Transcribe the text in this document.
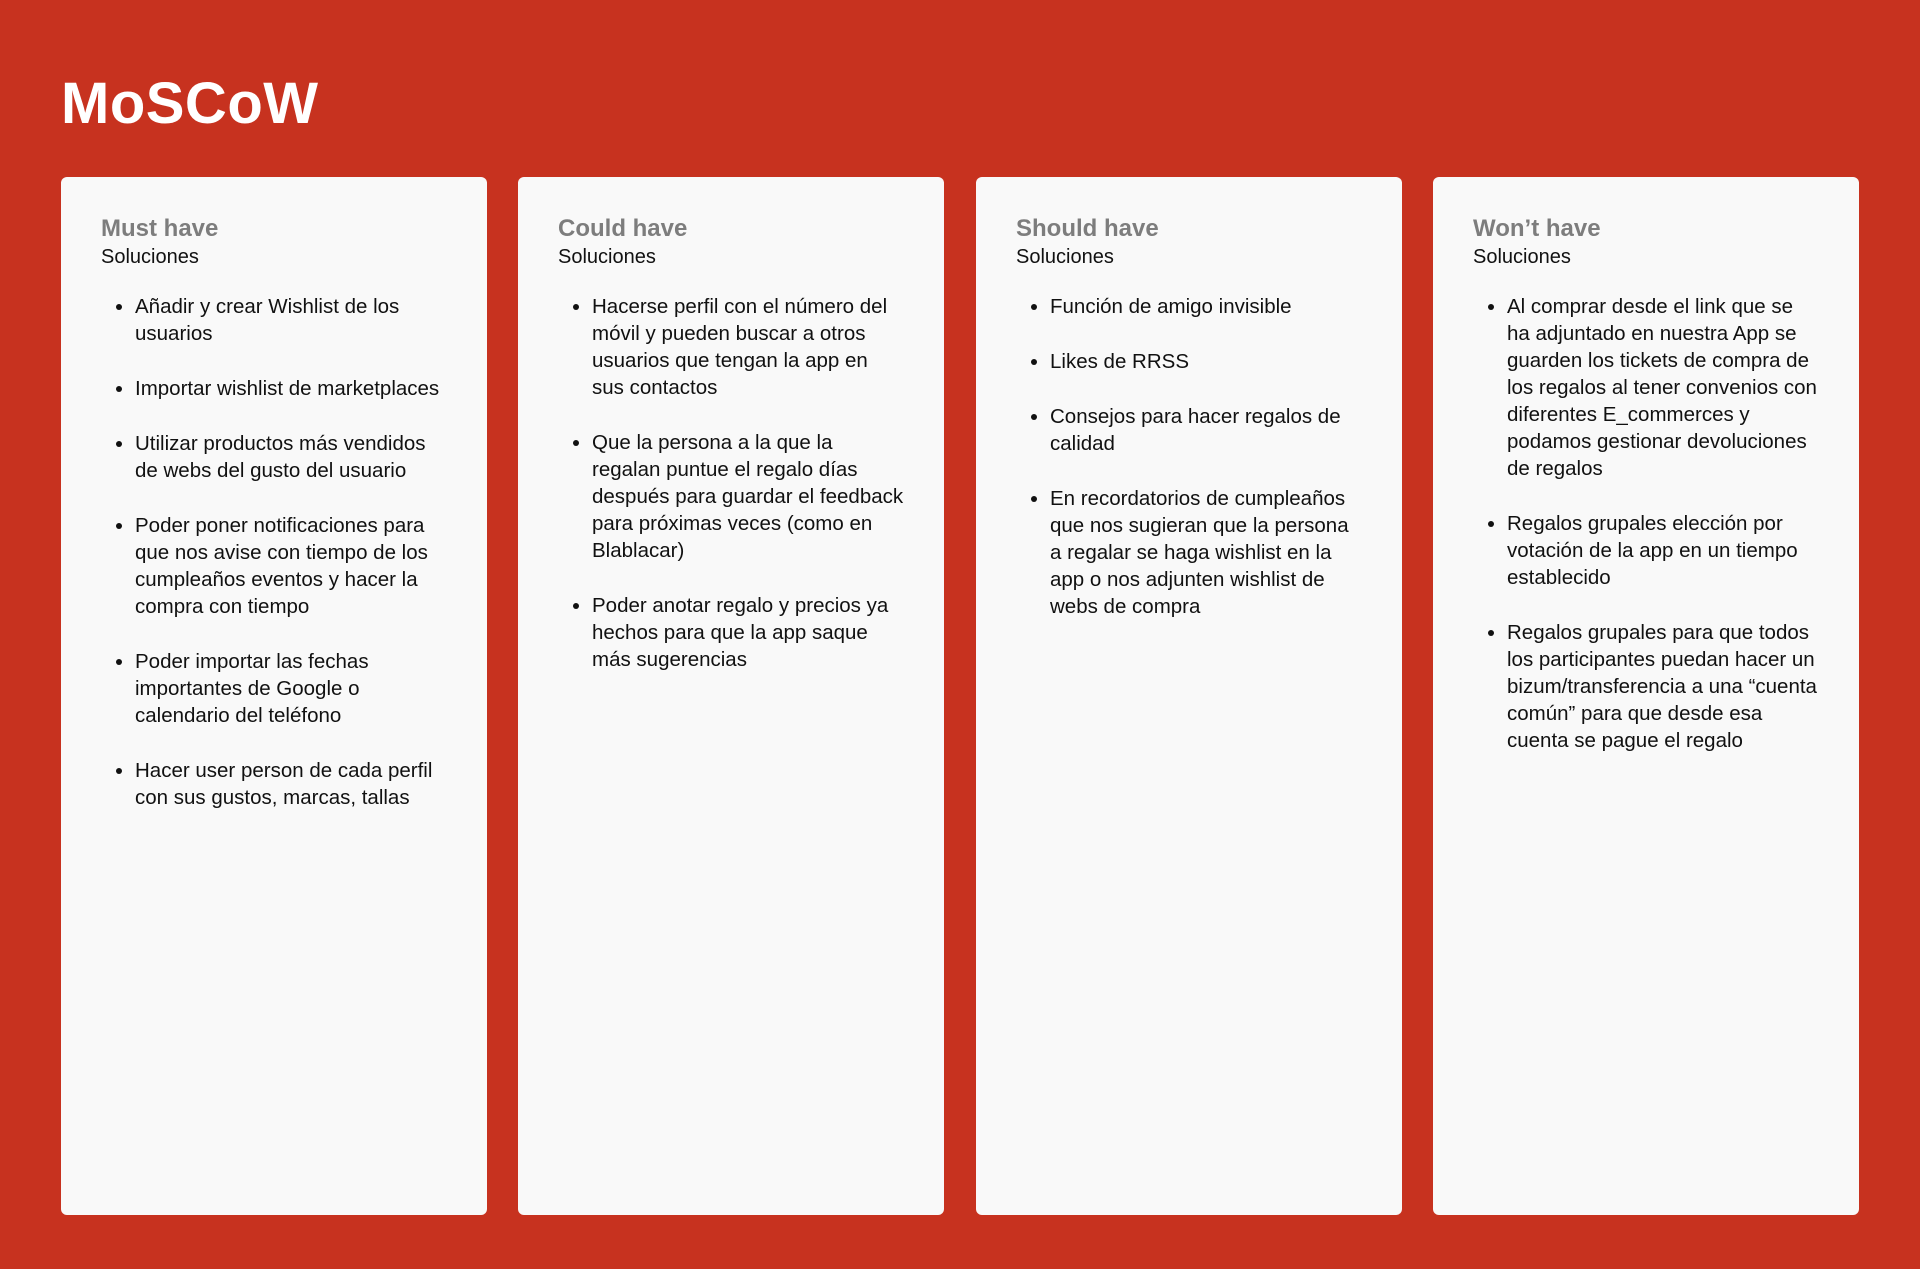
MoSCoW
Must have

Soluciones

• Añadir y crear Wishlist de los usuarios
• Importar wishlist de marketplaces
• Utilizar productos más vendidos de webs del gusto del usuario
• Poder poner notificaciones para que nos avise con tiempo de los cumpleaños eventos y hacer la compra con tiempo
• Poder importar las fechas importantes de Google o calendario del teléfono
• Hacer user person de cada perfil con sus gustos, marcas, tallas
Could have

Soluciones

• Hacerse perfil con el número del móvil y pueden buscar a otros usuarios que tengan la app en sus contactos
• Que la persona a la que la regalan puntue el regalo días después para guardar el feedback para próximas veces (como en Blablacar)
• Poder anotar regalo y precios ya hechos para que la app saque más sugerencias
Should have

Soluciones

• Función de amigo invisible
• Likes de RRSS
• Consejos para hacer regalos de calidad
• En recordatorios de cumpleaños que nos sugieran que la persona a regalar se haga wishlist en la app o nos adjunten wishlist de webs de compra
Won’t have

Soluciones

• Al comprar desde el link que se ha adjuntado en nuestra App se guarden los tickets de compra de los regalos al tener convenios con diferentes E_commerces y podamos gestionar devoluciones de regalos
• Regalos grupales elección por votación de la app en un tiempo establecido
• Regalos grupales para que todos los participantes puedan hacer un bizum/transferencia a una “cuenta común” para que desde esa cuenta se pague el regalo
